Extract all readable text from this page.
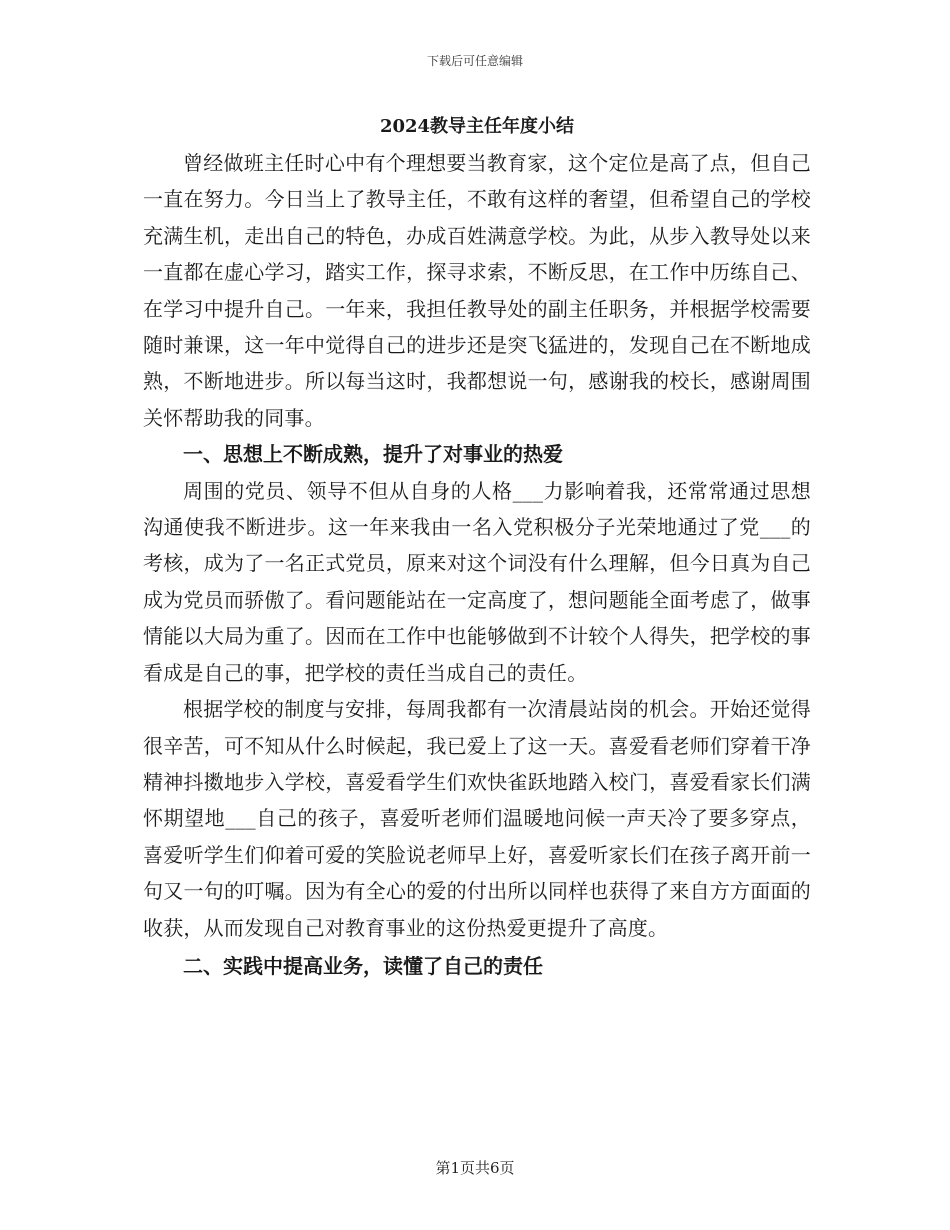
下载后可任意编辑
2024教导主任年度小结

曾经做班主任时心中有个理想要当教育家，这个定位是高了点，但自己一直在努力。今日当上了教导主任，不敢有这样的奢望，但希望自己的学校充满生机，走出自己的特色，办成百姓满意学校。为此，从步入教导处以来一直都在虚心学习，踏实工作，探寻求索，不断反思，在工作中历练自己、在学习中提升自己。一年来，我担任教导处的副主任职务，并根据学校需要随时兼课，这一年中觉得自己的进步还是突飞猛进的，发现自己在不断地成熟，不断地进步。所以每当这时，我都想说一句，感谢我的校长，感谢周围关怀帮助我的同事。

一、思想上不断成熟，提升了对事业的热爱

周围的党员、领导不但从自身的人格___力影响着我，还常常通过思想沟通使我不断进步。这一年来我由一名入党积极分子光荣地通过了党___的考核，成为了一名正式党员，原来对这个词没有什么理解，但今日真为自己成为党员而骄傲了。看问题能站在一定高度了，想问题能全面考虑了，做事情能以大局为重了。因而在工作中也能够做到不计较个人得失，把学校的事看成是自己的事，把学校的责任当成自己的责任。

根据学校的制度与安排，每周我都有一次清晨站岗的机会。开始还觉得很辛苦，可不知从什么时候起，我已爱上了这一天。喜爱看老师们穿着干净精神抖擞地步入学校，喜爱看学生们欢快雀跃地踏入校门，喜爱看家长们满怀期望地___自己的孩子，喜爱听老师们温暖地问候一声天冷了要多穿点，喜爱听学生们仰着可爱的笑脸说老师早上好，喜爱听家长们在孩子离开前一句又一句的叮嘱。因为有全心的爱的付出所以同样也获得了来自方方面面的收获，从而发现自己对教育事业的这份热爱更提升了高度。

二、实践中提高业务，读懂了自己的责任

第1页共6页
